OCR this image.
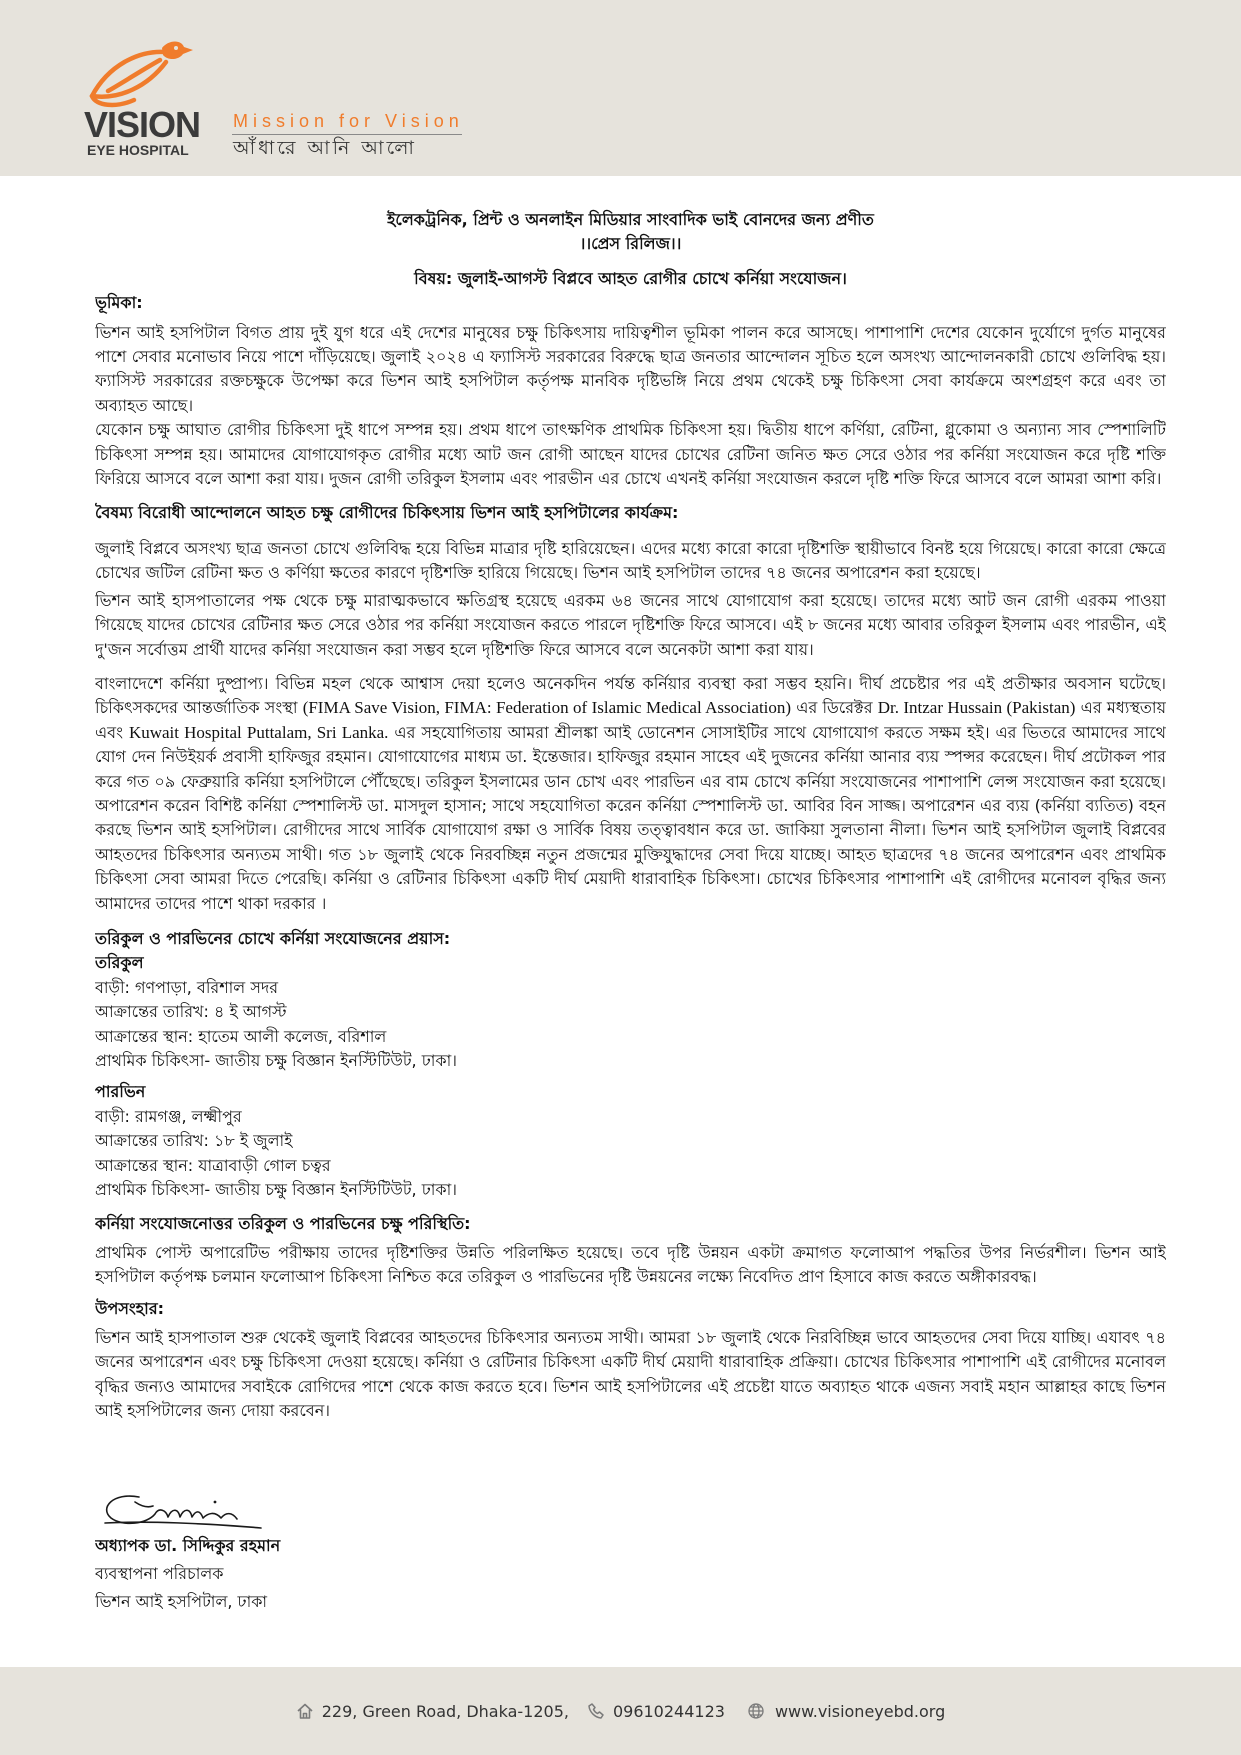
VISION
EYE HOSPITAL
Mission for Vision
আঁধারে আনি আলো
ইলেকট্রনিক, প্রিন্ট ও অনলাইন মিডিয়ার সাংবাদিক ভাই বোনদের জন্য প্রণীত
।।প্রেস রিলিজ।।
বিষয়: জুলাই-আগস্ট বিপ্লবে আহত রোগীর চোখে কর্নিয়া সংযোজন।
ভূমিকা:

ভিশন আই হসপিটাল বিগত প্রায় দুই যুগ ধরে এই দেশের মানুষের চক্ষু চিকিৎসায় দায়িত্বশীল ভূমিকা পালন করে আসছে। পাশাপাশি দেশের যেকোন দুর্যোগে দুর্গত মানুষের পাশে সেবার মনোভাব নিয়ে পাশে দাঁড়িয়েছে। জুলাই ২০২৪ এ ফ্যাসিস্ট সরকারের বিরুদ্ধে ছাত্র জনতার আন্দোলন সূচিত হলে অসংখ্য আন্দোলনকারী চোখে গুলিবিদ্ধ হয়। ফ্যাসিস্ট সরকারের রক্তচক্ষুকে উপেক্ষা করে ভিশন আই হসপিটাল কর্তৃপক্ষ মানবিক দৃষ্টিভঙ্গি নিয়ে প্রথম থেকেই চক্ষু চিকিৎসা সেবা কার্যক্রমে অংশগ্রহণ করে এবং তা অব্যাহত আছে।

যেকোন চক্ষু আঘাত রোগীর চিকিৎসা দুই ধাপে সম্পন্ন হয়। প্রথম ধাপে তাৎক্ষণিক প্রাথমিক চিকিৎসা হয়। দ্বিতীয় ধাপে কর্ণিয়া, রেটিনা, গ্লুকোমা ও অন্যান্য সাব স্পেশালিটি চিকিৎসা সম্পন্ন হয়। আমাদের যোগাযোগকৃত রোগীর মধ্যে আট জন রোগী আছেন যাদের চোখের রেটিনা জনিত ক্ষত সেরে ওঠার পর কর্নিয়া সংযোজন করে দৃষ্টি শক্তি ফিরিয়ে আসবে বলে আশা করা যায়। দুজন রোগী তরিকুল ইসলাম এবং পারভীন এর চোখে এখনই কর্নিয়া সংযোজন করলে দৃষ্টি শক্তি ফিরে আসবে বলে আমরা আশা করি।

বৈষম্য বিরোধী আন্দোলনে আহত চক্ষু রোগীদের চিকিৎসায় ভিশন আই হসপিটালের কার্যক্রম:

জুলাই বিপ্লবে অসংখ্য ছাত্র জনতা চোখে গুলিবিদ্ধ হয়ে বিভিন্ন মাত্রার দৃষ্টি হারিয়েছেন। এদের মধ্যে কারো কারো দৃষ্টিশক্তি স্থায়ীভাবে বিনষ্ট হয়ে গিয়েছে। কারো কারো ক্ষেত্রে চোখের জটিল রেটিনা ক্ষত ও কর্ণিয়া ক্ষতের কারণে দৃষ্টিশক্তি হারিয়ে গিয়েছে। ভিশন আই হসপিটাল তাদের ৭৪ জনের অপারেশন করা হয়েছে।

ভিশন আই হাসপাতালের পক্ষ থেকে চক্ষু মারাত্মকভাবে ক্ষতিগ্রস্থ হয়েছে এরকম ৬৪ জনের সাথে যোগাযোগ করা হয়েছে। তাদের মধ্যে আট জন রোগী এরকম পাওয়া গিয়েছে যাদের চোখের রেটিনার ক্ষত সেরে ওঠার পর কর্নিয়া সংযোজন করতে পারলে দৃষ্টিশক্তি ফিরে আসবে। এই ৮ জনের মধ্যে আবার তরিকুল ইসলাম এবং পারভীন, এই দু'জন সর্বোত্তম প্রার্থী যাদের কর্নিয়া সংযোজন করা সম্ভব হলে দৃষ্টিশক্তি ফিরে আসবে বলে অনেকটা আশা করা যায়।

বাংলাদেশে কর্নিয়া দুষ্প্রাপ্য। বিভিন্ন মহল থেকে আশ্বাস দেয়া হলেও অনেকদিন পর্যন্ত কর্নিয়ার ব্যবস্থা করা সম্ভব হয়নি। দীর্ঘ প্রচেষ্টার পর এই প্রতীক্ষার অবসান ঘটেছে। চিকিৎসকদের আন্তর্জাতিক সংস্থা (FIMA Save Vision, FIMA: Federation of Islamic Medical Association) এর ডিরেক্টর Dr. Intzar Hussain (Pakistan) এর মধ্যস্থতায় এবং Kuwait Hospital Puttalam, Sri Lanka. এর সহযোগিতায় আমরা শ্রীলঙ্কা আই ডোনেশন সোসাইটির সাথে যোগাযোগ করতে সক্ষম হই। এর ভিতরে আমাদের সাথে যোগ দেন নিউইয়র্ক প্রবাসী হাফিজুর রহমান। যোগাযোগের মাধ্যম ডা. ইন্তেজার। হাফিজুর রহমান সাহেব এই দুজনের কর্নিয়া আনার ব্যয় স্পন্সর করেছেন। দীর্ঘ প্রটোকল পার করে গত ০৯ ফেব্রুয়ারি কর্নিয়া হসপিটালে পৌঁছেছে। তরিকুল ইসলামের ডান চোখ এবং পারভিন এর বাম চোখে কর্নিয়া সংযোজনের পাশাপাশি লেন্স সংযোজন করা হয়েছে। অপারেশন করেন বিশিষ্ট কর্নিয়া স্পেশালিস্ট ডা. মাসদুল হাসান; সাথে সহযোগিতা করেন কর্নিয়া স্পেশালিস্ট ডা. আবির বিন সাজ্জ। অপারেশন এর ব্যয় (কর্নিয়া ব্যতিত) বহন করছে ভিশন আই হসপিটাল। রোগীদের সাথে সার্বিক যোগাযোগ রক্ষা ও সার্বিক বিষয় তত্ত্বাবধান করে ডা. জাকিয়া সুলতানা নীলা। ভিশন আই হসপিটাল জুলাই বিপ্লবের আহতদের চিকিৎসার অন্যতম সাথী। গত ১৮ জুলাই থেকে নিরবচ্ছিন্ন নতুন প্রজন্মের মুক্তিযুদ্ধাদের সেবা দিয়ে যাচ্ছে। আহত ছাত্রদের ৭৪ জনের অপারেশন এবং প্রাথমিক চিকিৎসা সেবা আমরা দিতে পেরেছি। কর্নিয়া ও রেটিনার চিকিৎসা একটি দীর্ঘ মেয়াদী ধারাবাহিক চিকিৎসা। চোখের চিকিৎসার পাশাপাশি এই রোগীদের মনোবল বৃদ্ধির জন্য আমাদের তাদের পাশে থাকা দরকার ।

তরিকুল ও পারভিনের চোখে কর্নিয়া সংযোজনের প্রয়াস:
তরিকুল
বাড়ী: গণপাড়া, বরিশাল সদর
আক্রান্তের তারিখ: ৪ ই আগস্ট
আক্রান্তের স্থান: হাতেম আলী কলেজ, বরিশাল
প্রাথমিক চিকিৎসা- জাতীয় চক্ষু বিজ্ঞান ইনস্টিটিউট, ঢাকা।
পারভিন
বাড়ী: রামগঞ্জ, লক্ষ্মীপুর
আক্রান্তের তারিখ: ১৮ ই জুলাই
আক্রান্তের স্থান: যাত্রাবাড়ী গোল চত্বর
প্রাথমিক চিকিৎসা- জাতীয় চক্ষু বিজ্ঞান ইনস্টিটিউট, ঢাকা।
কর্নিয়া সংযোজনোত্তর তরিকুল ও পারভিনের চক্ষু পরিস্থিতি:

প্রাথমিক পোস্ট অপারেটিভ পরীক্ষায় তাদের দৃষ্টিশক্তির উন্নতি পরিলক্ষিত হয়েছে। তবে দৃষ্টি উন্নয়ন একটা ক্রমাগত ফলোআপ পদ্ধতির উপর নির্ভরশীল। ভিশন আই হসপিটাল কর্তৃপক্ষ চলমান ফলোআপ চিকিৎসা নিশ্চিত করে তরিকুল ও পারভিনের দৃষ্টি উন্নয়নের লক্ষ্যে নিবেদিত প্রাণ হিসাবে কাজ করতে অঙ্গীকারবদ্ধ।

উপসংহার:

ভিশন আই হাসপাতাল শুরু থেকেই জুলাই বিপ্লবের আহতদের চিকিৎসার অন্যতম সাথী। আমরা ১৮ জুলাই থেকে নিরবিচ্ছিন্ন ভাবে আহতদের সেবা দিয়ে যাচ্ছি। এযাবৎ ৭৪ জনের অপারেশন এবং চক্ষু চিকিৎসা দেওয়া হয়েছে। কর্নিয়া ও রেটিনার চিকিৎসা একটি দীর্ঘ মেয়াদী ধারাবাহিক প্রক্রিয়া। চোখের চিকিৎসার পাশাপাশি এই রোগীদের মনোবল বৃদ্ধির জন্যও আমাদের সবাইকে রোগিদের পাশে থেকে কাজ করতে হবে। ভিশন আই হসপিটালের এই প্রচেষ্টা যাতে অব্যাহত থাকে এজন্য সবাই মহান আল্লাহর কাছে ভিশন আই হসপিটালের জন্য দোয়া করবেন।

অধ্যাপক ডা. সিদ্দিকুর রহমান
ব্যবস্থাপনা পরিচালক
ভিশন আই হসপিটাল, ঢাকা
229, Green Road, Dhaka-1205,	09610244123	www.visioneyebd.org
